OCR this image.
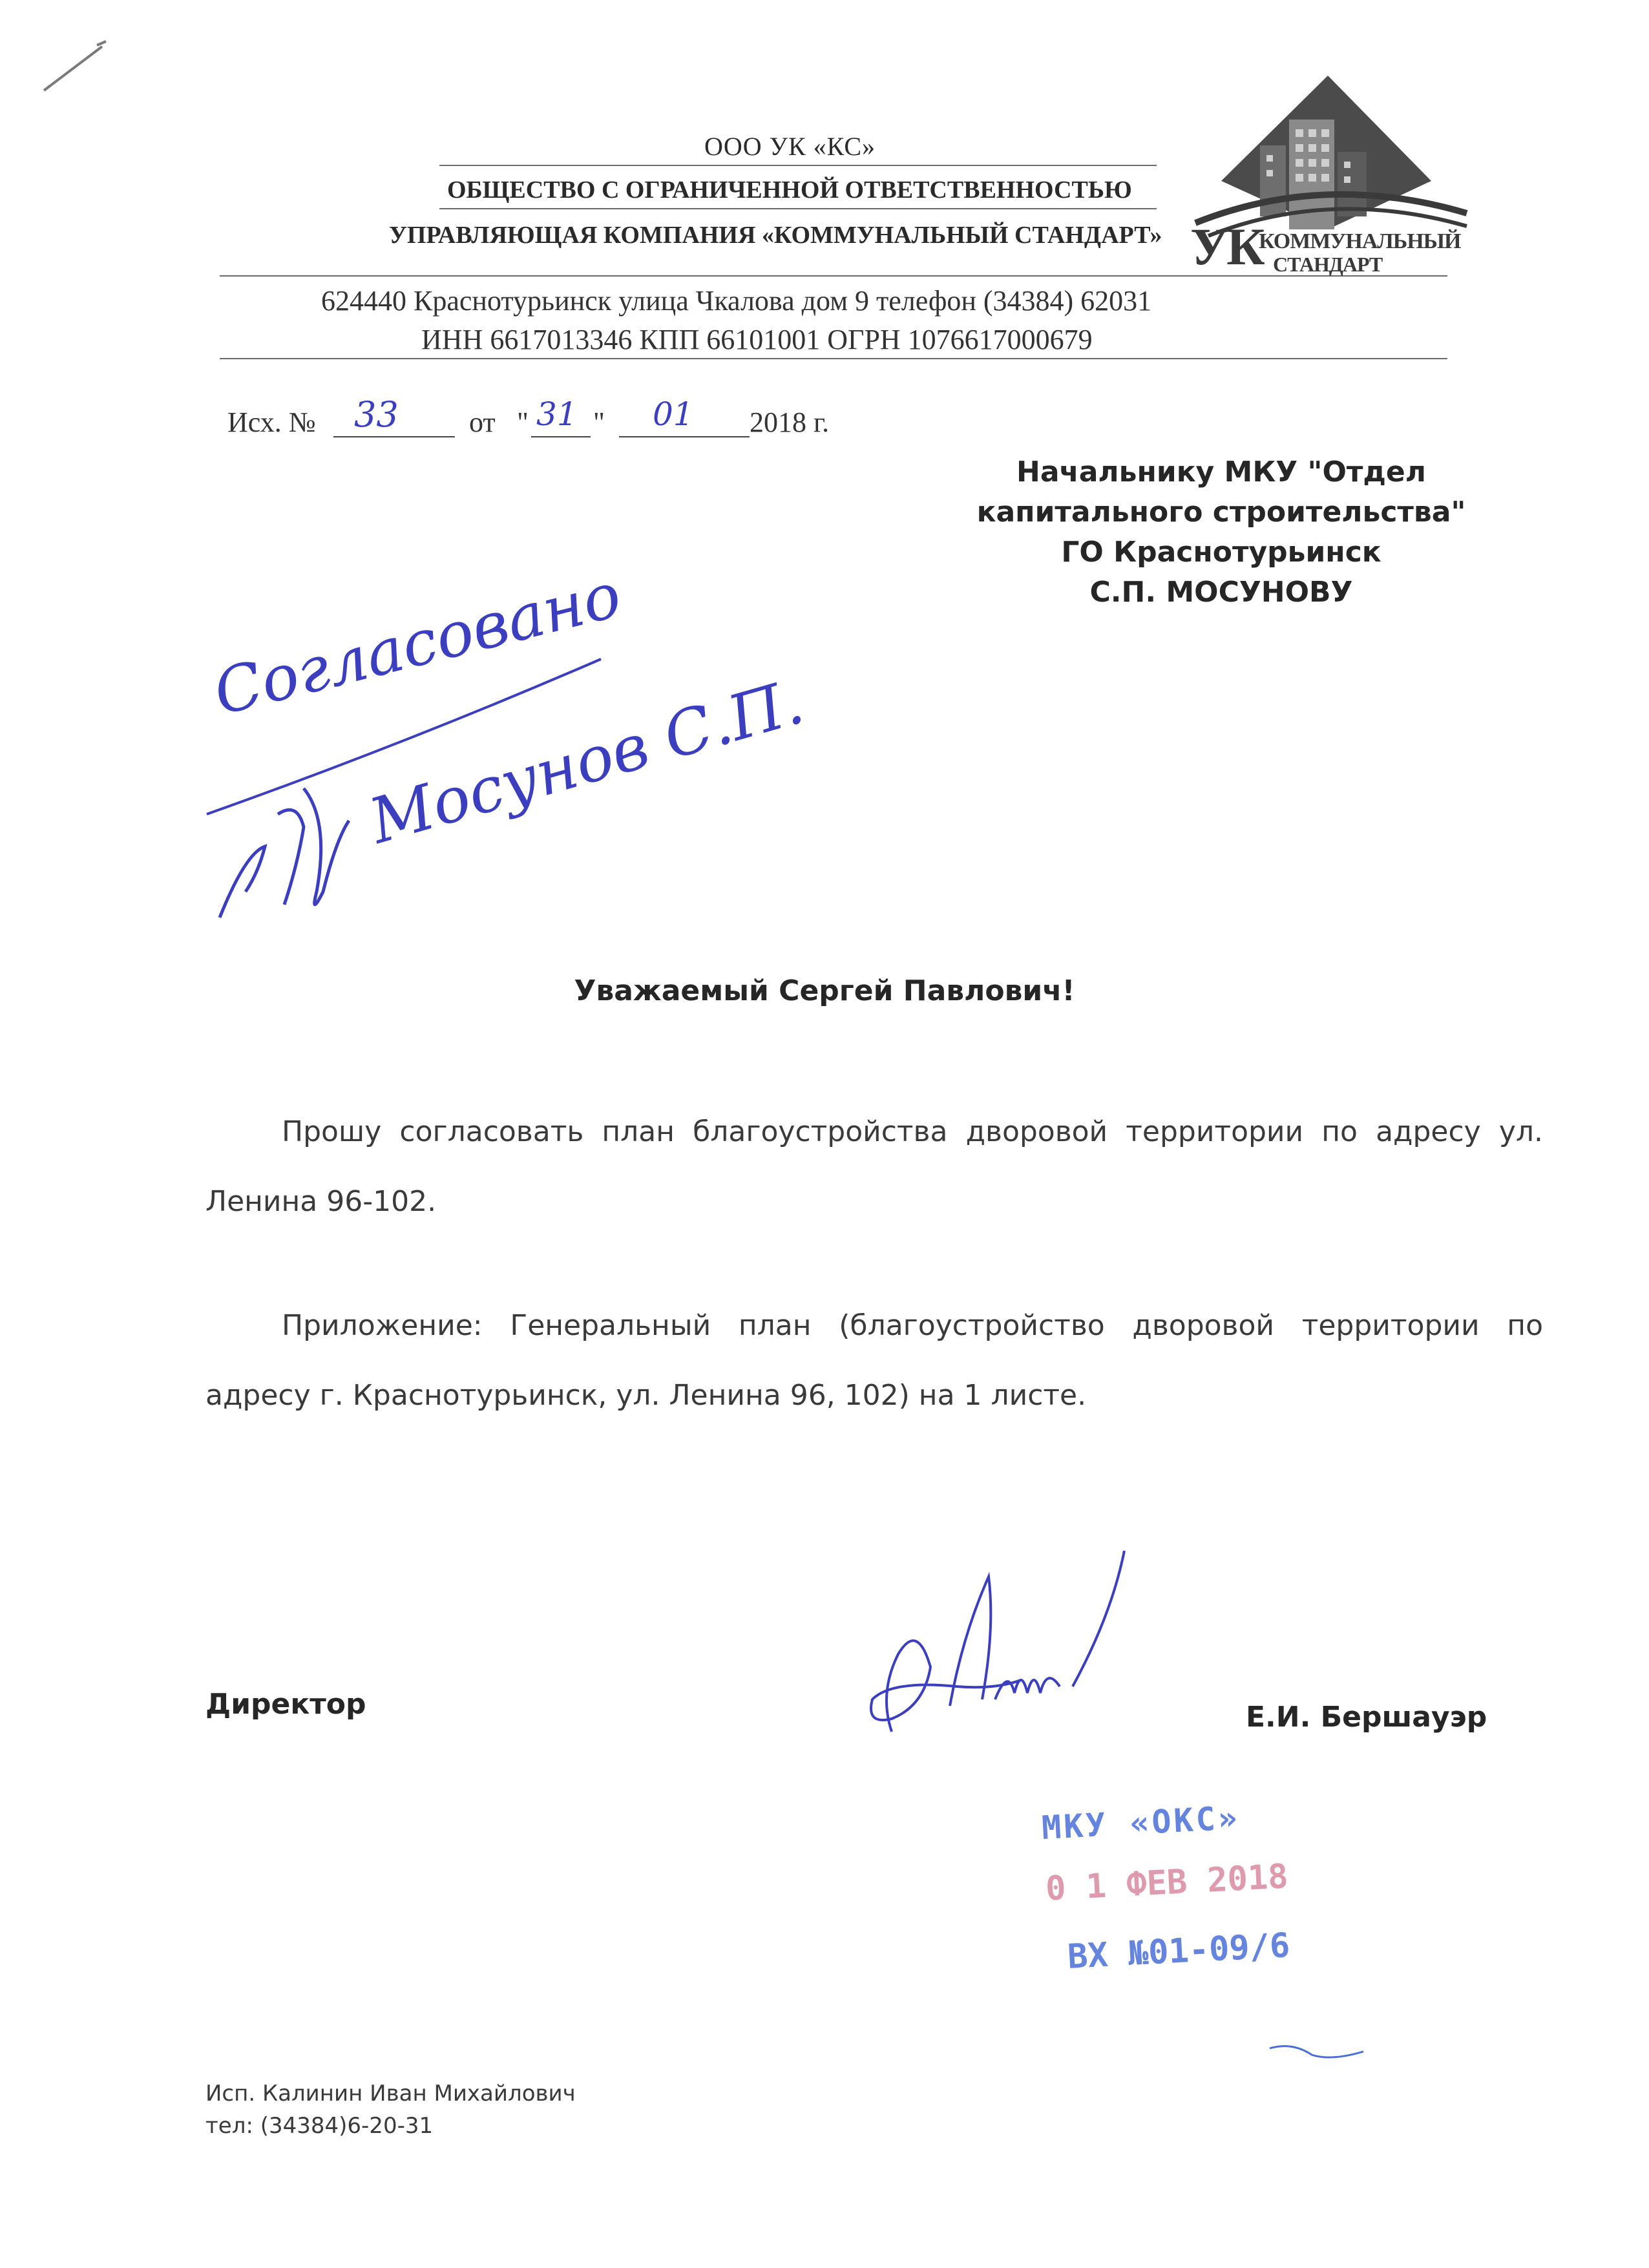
ООО УК «КС»
ОБЩЕСТВО С ОГРАНИЧЕННОЙ ОТВЕТСТВЕННОСТЬЮ
УПРАВЛЯЮЩАЯ КОМПАНИЯ «КОММУНАЛЬНЫЙ СТАНДАРТ»
624440 Краснотурьинск улица Чкалова дом 9 телефон (34384) 62031
ИНН 6617013346 КПП 66101001 ОГРН 1076617000679
УК
КОММУНАЛЬНЫЙ
СТАНДАРТ
Исх. № 33 от " 31 " 01 2018 г.
Начальнику МКУ "Отдел
капитального строительства"
ГО Краснотурьинск
С.П. МОСУНОВУ
Согласовано
Мосунов С.П.
Уважаемый Сергей Павлович!
Прошу согласовать план благоустройства дворовой территории по адресу ул. Ленина 96-102.
Приложение: Генеральный план (благоустройство дворовой территории по адресу г. Краснотурьинск, ул. Ленина 96, 102) на 1 листе.
Директор	Е.И. Бершауэр
МКУ «ОКС»
0 1 ФЕВ 2018
ВХ №01-09/6
Исп. Калинин Иван Михайлович
тел: (34384)6-20-31
